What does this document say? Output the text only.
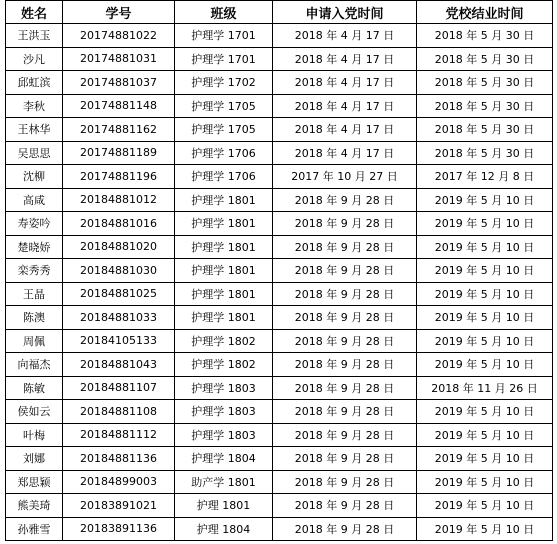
姓名	学号	班级	申请入党时间	党校结业时间
王洪玉	20174881022	护理学 1701	2018 年 4 月 17 日	2018 年 5 月 30 日
沙凡	20174881031	护理学 1701	2018 年 4 月 17 日	2018 年 5 月 30 日
邱虹滨	20174881037	护理学 1702	2018 年 4 月 17 日	2018 年 5 月 30 日
李秋	20174881148	护理学 1705	2018 年 4 月 17 日	2018 年 5 月 30 日
王林华	20174881162	护理学 1705	2018 年 4 月 17 日	2018 年 5 月 30 日
吴思思	20174881189	护理学 1706	2018 年 4 月 17 日	2018 年 5 月 30 日
沈柳	20174881196	护理学 1706	2017 年 10 月 27 日	2017 年 12 月 8 日
高咸	20184881012	护理学 1801	2018 年 9 月 28 日	2019 年 5 月 10 日
寿姿吟	20184881016	护理学 1801	2018 年 9 月 28 日	2019 年 5 月 10 日
楚晓娇	20184881020	护理学 1801	2018 年 9 月 28 日	2019 年 5 月 10 日
栾秀秀	20184881030	护理学 1801	2018 年 9 月 28 日	2019 年 5 月 10 日
王晶	20184881025	护理学 1801	2018 年 9 月 28 日	2019 年 5 月 10 日
陈澳	20184881033	护理学 1801	2018 年 9 月 28 日	2019 年 5 月 10 日
周佩	20184105133	护理学 1802	2018 年 9 月 28 日	2019 年 5 月 10 日
向福杰	20184881043	护理学 1802	2018 年 9 月 28 日	2019 年 5 月 10 日
陈敏	20184881107	护理学 1803	2018 年 9 月 28 日	2018 年 11 月 26 日
侯如云	20184881108	护理学 1803	2018 年 9 月 28 日	2019 年 5 月 10 日
叶梅	20184881112	护理学 1803	2018 年 9 月 28 日	2019 年 5 月 10 日
刘娜	20184881136	护理学 1804	2018 年 9 月 28 日	2019 年 5 月 10 日
郑思颖	20184899003	助产学 1801	2018 年 9 月 28 日	2019 年 5 月 10 日
熊美琦	20183891021	护理 1801	2018 年 9 月 28 日	2019 年 5 月 10 日
孙雅雪	20183891136	护理 1804	2018 年 9 月 28 日	2019 年 5 月 10 日
